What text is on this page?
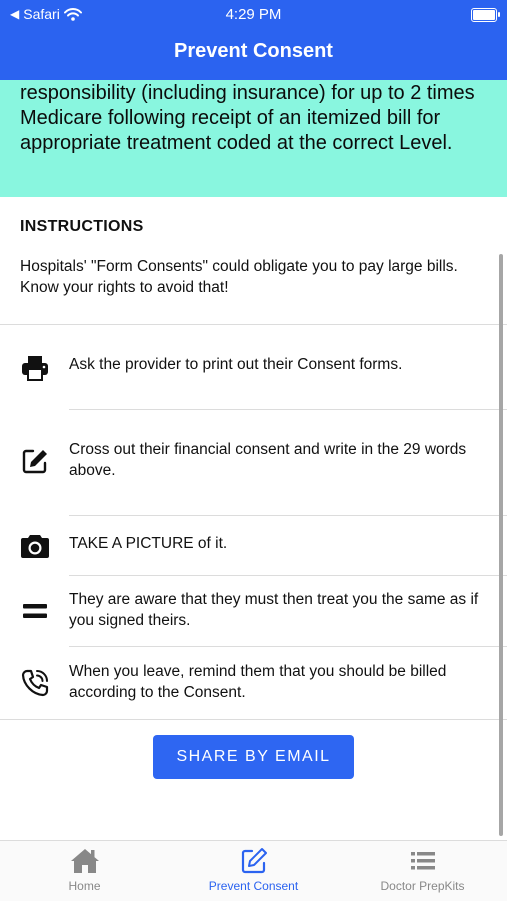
◀ Safari	4:29 PM
Prevent Consent

responsibility (including insurance) for up to 2 times Medicare following receipt of an itemized bill for appropriate treatment coded at the correct Level.

INSTRUCTIONS
Hospitals' "Form Consents" could obligate you to pay large bills. Know your rights to avoid that!
Ask the provider to print out their Consent forms.
Cross out their financial consent and write in the 29 words above.
TAKE A PICTURE of it.
They are aware that they must then treat you the same as if you signed theirs.
When you leave, remind them that you should be billed according to the Consent.
SHARE BY EMAIL
Home	Prevent Consent	Doctor PrepKits
